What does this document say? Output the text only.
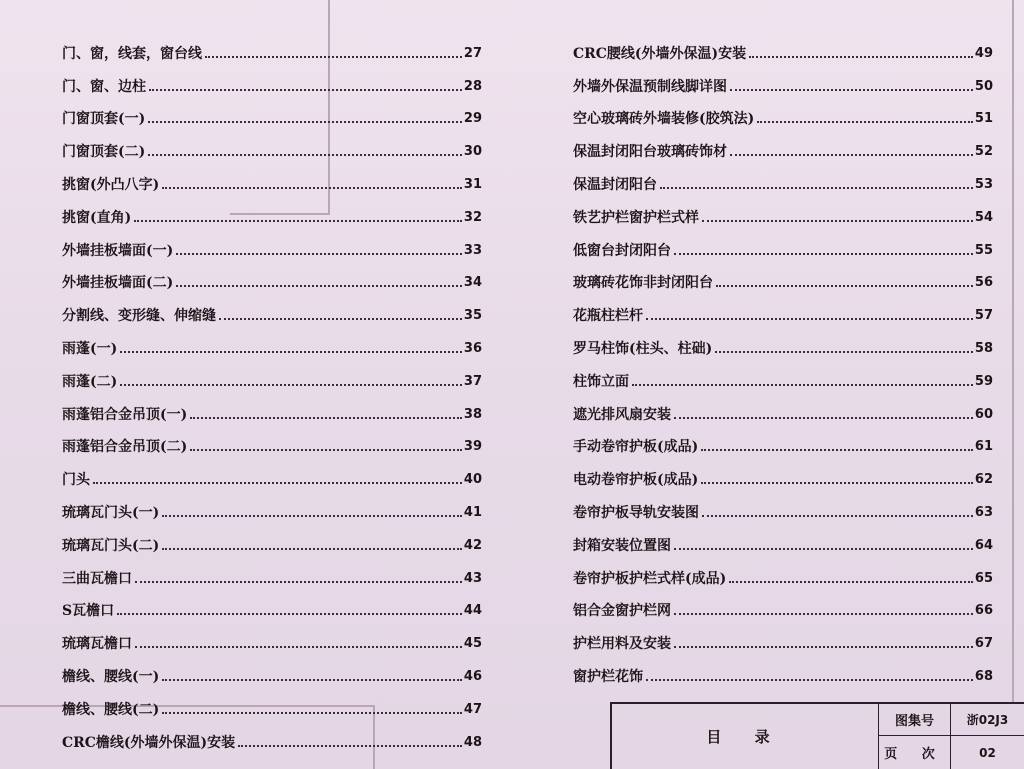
门、窗，线套，窗台线	27
门、窗、边柱	28
门窗顶套(一)	29
门窗顶套(二)	30
挑窗(外凸八字)	31
挑窗(直角)	32
外墙挂板墙面(一)	33
外墙挂板墙面(二)	34
分割线、变形缝、伸缩缝	35
雨蓬(一)	36
雨蓬(二)	37
雨蓬铝合金吊顶(一)	38
雨蓬铝合金吊顶(二)	39
门头	40
琉璃瓦门头(一)	41
琉璃瓦门头(二)	42
三曲瓦檐口	43
S瓦檐口	44
琉璃瓦檐口	45
檐线、腰线(一)	46
檐线、腰线(二)	47
CRC檐线(外墙外保温)安装	48
CRC腰线(外墙外保温)安装	49
外墙外保温预制线脚详图	50
空心玻璃砖外墙装修(胶筑法)	51
保温封闭阳台玻璃砖饰材	52
保温封闭阳台	53
铁艺护栏窗护栏式样	54
低窗台封闭阳台	55
玻璃砖花饰非封闭阳台	56
花瓶柱栏杆	57
罗马柱饰(柱头、柱础)	58
柱饰立面	59
遮光排风扇安装	60
手动卷帘护板(成品)	61
电动卷帘护板(成品)	62
卷帘护板导轨安装图	63
封箱安装位置图	64
卷帘护板护栏式样(成品)	65
铝合金窗护栏网	66
护栏用料及安装	67
窗护栏花饰	68
目 录
图集号	浙02J3
页 次	02
